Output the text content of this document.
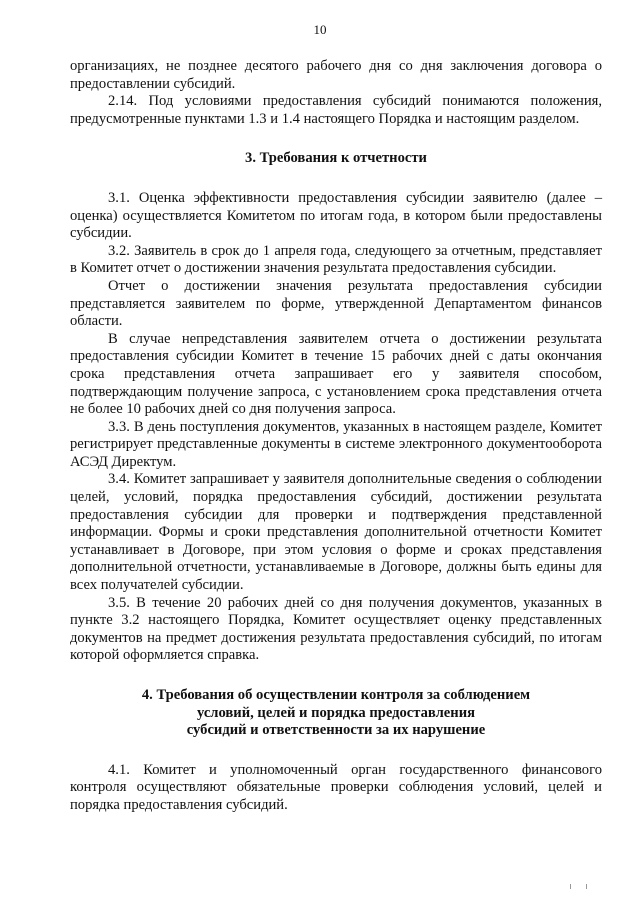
10

организациях, не позднее десятого рабочего дня со дня заключения договора о предоставлении субсидий.

2.14. Под условиями предоставления субсидий понимаются положения, предусмотренные пунктами 1.3 и 1.4 настоящего Порядка и настоящим разделом.

3. Требования к отчетности

3.1. Оценка эффективности предоставления субсидии заявителю (далее – оценка) осуществляется Комитетом по итогам года, в котором были предоставлены субсидии.

3.2. Заявитель в срок до 1 апреля года, следующего за отчетным, представляет в Комитет отчет о достижении значения результата предоставления субсидии.

Отчет о достижении значения результата предоставления субсидии представляется заявителем по форме, утвержденной Департаментом финансов области.

В случае непредставления заявителем отчета о достижении результата предоставления субсидии Комитет в течение 15 рабочих дней с даты окончания срока представления отчета запрашивает его у заявителя способом, подтверждающим получение запроса, с установлением срока представления отчета не более 10 рабочих дней со дня получения запроса.

3.3. В день поступления документов, указанных в настоящем разделе, Комитет регистрирует представленные документы в системе электронного документооборота АСЭД Директум.

3.4. Комитет запрашивает у заявителя дополнительные сведения о соблюдении целей, условий, порядка предоставления субсидий, достижении результата предоставления субсидии для проверки и подтверждения представленной информации. Формы и сроки представления дополнительной отчетности Комитет устанавливает в Договоре, при этом условия о форме и сроках представления дополнительной отчетности, устанавливаемые в Договоре, должны быть едины для всех получателей субсидии.

3.5. В течение 20 рабочих дней со дня получения документов, указанных в пункте 3.2 настоящего Порядка, Комитет осуществляет оценку представленных документов на предмет достижения результата предоставления субсидий, по итогам которой оформляется справка.

4. Требования об осуществлении контроля за соблюдением
условий, целей и порядка предоставления
субсидий и ответственности за их нарушение

4.1. Комитет и уполномоченный орган государственного финансового контроля осуществляют обязательные проверки соблюдения условий, целей и порядка предоставления субсидий.
